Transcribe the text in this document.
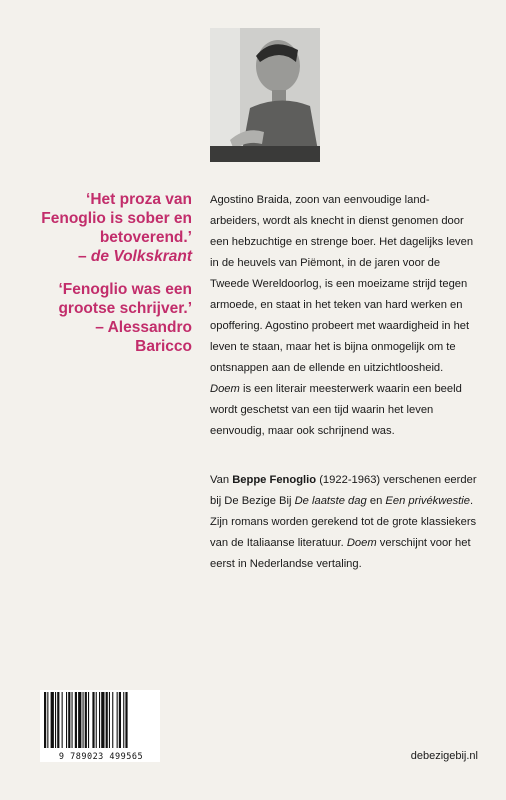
‘Het proza van Fenoglio is sober en betoverend.’
– de Volkskrant

‘Fenoglio was een grootse schrijver.’
– Alessandro Baricco

Agostino Braida, zoon van eenvoudige land- arbeiders, wordt als knecht in dienst genomen door een hebzuchtige en strenge boer. Het dagelijks leven in de heuvels van Piëmont, in de jaren voor de Tweede Wereldoorlog, is een moeizame strijd tegen armoede, en staat in het teken van hard werken en opoffering. Agostino probeert met waardigheid in het leven te staan, maar het is bijna onmogelijk om te ontsnappen aan de ellende en uitzichtloosheid.

Doem is een literair meesterwerk waarin een beeld wordt geschetst van een tijd waarin het leven eenvoudig, maar ook schrijnend was.

Van Beppe Fenoglio (1922-1963) verschenen eerder bij De Bezige Bij De laatste dag en Een privékwestie. Zijn romans worden gerekend tot de grote klassiekers van de Italiaanse literatuur. Doem verschijnt voor het eerst in Nederlandse vertaling.

9 789023 499565	debezigebij.nl
